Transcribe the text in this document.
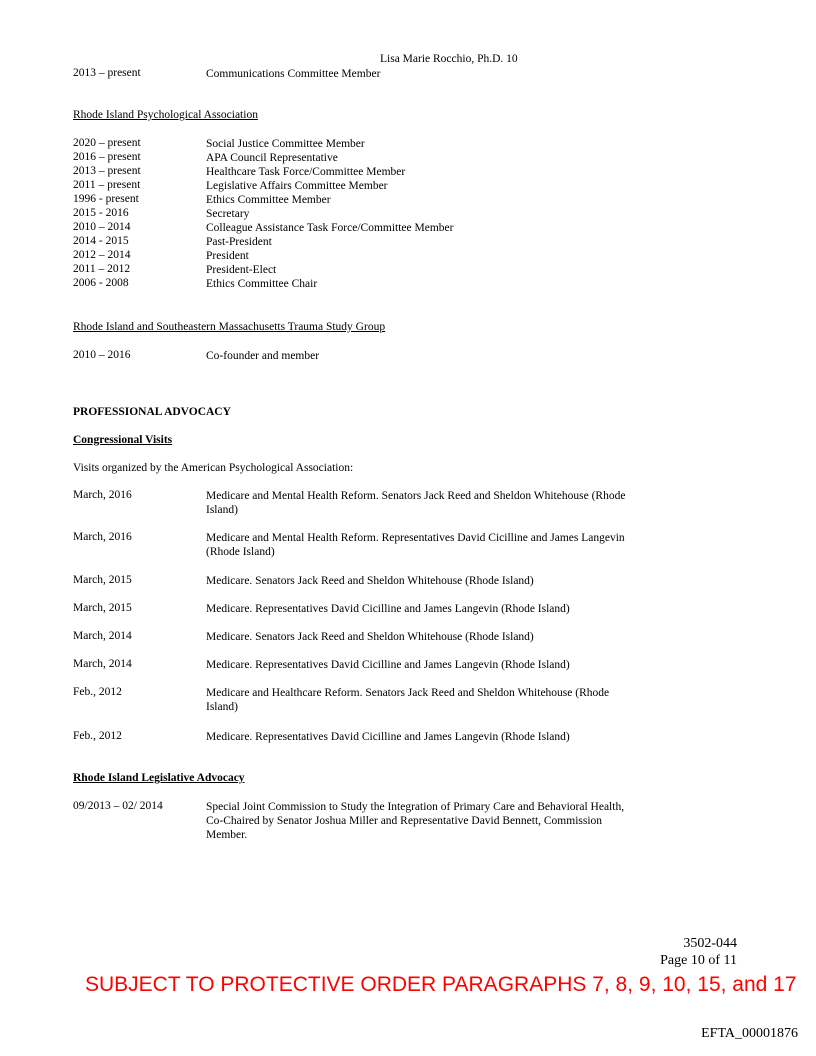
Lisa Marie Rocchio, Ph.D. 10
2013 – present	Communications Committee Member
Rhode Island Psychological Association
2020 – present	Social Justice Committee Member
2016 – present	APA Council Representative
2013 – present	Healthcare Task Force/Committee Member
2011 – present	Legislative Affairs Committee Member
1996 - present	Ethics Committee Member
2015 - 2016	Secretary
2010 – 2014	Colleague Assistance Task Force/Committee Member
2014 - 2015	Past-President
2012 – 2014	President
2011 – 2012	President-Elect
2006 - 2008	Ethics Committee Chair
Rhode Island and Southeastern Massachusetts Trauma Study Group
2010 – 2016	Co-founder and member
PROFESSIONAL ADVOCACY
Congressional Visits
Visits organized by the American Psychological Association:
March, 2016	Medicare and Mental Health Reform. Senators Jack Reed and Sheldon Whitehouse (Rhode Island)
March, 2016	Medicare and Mental Health Reform. Representatives David Cicilline and James Langevin (Rhode Island)
March, 2015	Medicare. Senators Jack Reed and Sheldon Whitehouse (Rhode Island)
March, 2015	Medicare. Representatives David Cicilline and James Langevin (Rhode Island)
March, 2014	Medicare. Senators Jack Reed and Sheldon Whitehouse (Rhode Island)
March, 2014	Medicare. Representatives David Cicilline and James Langevin (Rhode Island)
Feb., 2012	Medicare and Healthcare Reform. Senators Jack Reed and Sheldon Whitehouse (Rhode Island)
Feb., 2012	Medicare. Representatives David Cicilline and James Langevin (Rhode Island)
Rhode Island Legislative Advocacy
09/2013 – 02/ 2014	Special Joint Commission to Study the Integration of Primary Care and Behavioral Health, Co-Chaired by Senator Joshua Miller and Representative David Bennett, Commission Member.
3502-044
Page 10 of 11
SUBJECT TO PROTECTIVE ORDER PARAGRAPHS 7, 8, 9, 10, 15, and 17
EFTA_00001876
